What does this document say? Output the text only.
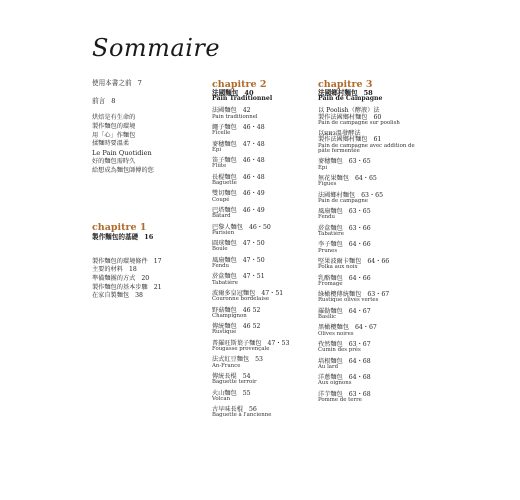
Sommaire
使用本書之前 7
前言 8
烘焙是有生命的
製作麵包的環境
用「心」作麵包
揉麵時要溫柔
Le Pain Quotidien
好的麵包需時久
給想成為麵包師傅的您
chapitre 1
製作麵包的基礎 16
製作麵包的環境條件 17
主要的材料 18
準備麵團的方式 20
製作麵包的基本步驟 21
在家自製麵包 38
chapitre 2
法國麵包 40
Pain Traditionnel
法國麵包 42
Pain traditionnel
繩子麵包 46・48
Ficelle
麥穗麵包 47・48
Épi
笛子麵包 46・48
Flûte
長棍麵包 46・48
Baguette
雙切麵包 46・49
Coupé
巴塔麵包 46・49
Bâtard
巴黎人麵包 46・50
Parisien
圓球麵包 47・50
Boule
風扇麵包 47・50
Fendu
菸盒麵包 47・51
Tabatière
波爾多皇冠麵包 47・51
Couronne bordelaise
野菇麵包 46 52
Champignon
傳統麵包 46 52
Rustique
普羅旺斯葉子麵包 47・53
Fougasse provençale
法式紅豆麵包 53
An-France
傳統長棍 54
Baguette terroir
火山麵包 55
Volcan
古早味長棍 56
Baguette à l'ancienne
chapitre 3
法國鄉村麵包 58
Pain de Campagne
以 Poolish（酵液）法
製作法國鄉村麵包 60
Pain de campagne sur poolish
以низ溫發酵法
製作法國鄉村麵包 61
Pain de campagne avec addition de pâte fermentée
麥穗麵包 63・65
Épi
無花果麵包 64・65
Figues
法國鄉村麵包 63・65
Pain de campagne
風扇麵包 63・65
Fendu
菸盒麵包 63・66
Tabatière
李子麵包 64・66
Prunes
堅果波爾卡麵包 64・66
Polka aux noix
乳酪麵包 64・66
Fromage
綠橄欖傳統麵包 63・67
Rustique olives vertes
羅勒麵包 64・67
Basilic
黑橄欖麵包 64・67
Olives noires
孜然麵包 63・67
Cumin des prés
培根麵包 64・68
Au lard
洋蔥麵包 64・68
Aux oignons
洋芋麵包 63・68
Pomme de terre
